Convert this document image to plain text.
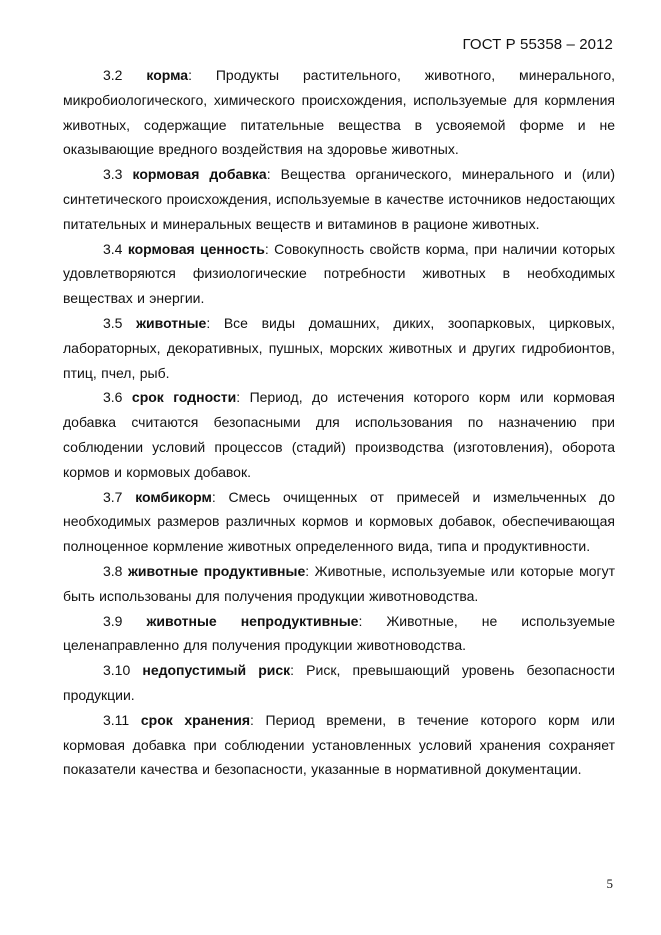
ГОСТ Р 55358 – 2012

3.2 корма: Продукты растительного, животного, минерального, микробиологического, химического происхождения, используемые для кормления животных, содержащие питательные вещества в усвояемой форме и не оказывающие вредного воздействия на здоровье животных.

3.3 кормовая добавка: Вещества органического, минерального и (или) синтетического происхождения, используемые в качестве источников недостающих питательных и минеральных веществ и витаминов в рационе животных.

3.4 кормовая ценность: Совокупность свойств корма, при наличии которых удовлетворяются физиологические потребности животных в необходимых веществах и энергии.

3.5 животные: Все виды домашних, диких, зоопарковых, цирковых, лабораторных, декоративных, пушных, морских животных и других гидробионтов, птиц, пчел, рыб.

3.6 срок годности: Период, до истечения которого корм или кормовая добавка считаются безопасными для использования по назначению при соблюдении условий процессов (стадий) производства (изготовления), оборота кормов и кормовых добавок.

3.7 комбикорм: Смесь очищенных от примесей и измельченных до необходимых размеров различных кормов и кормовых добавок, обеспечивающая полноценное кормление животных определенного вида, типа и продуктивности.

3.8 животные продуктивные: Животные, используемые или которые могут быть использованы для получения продукции животноводства.

3.9 животные непродуктивные: Животные, не используемые целенаправленно для получения продукции животноводства.

3.10 недопустимый риск: Риск, превышающий уровень безопасности продукции.

3.11 срок хранения: Период времени, в течение которого корм или кормовая добавка при соблюдении установленных условий хранения сохраняет показатели качества и безопасности, указанные в нормативной документации.

5
